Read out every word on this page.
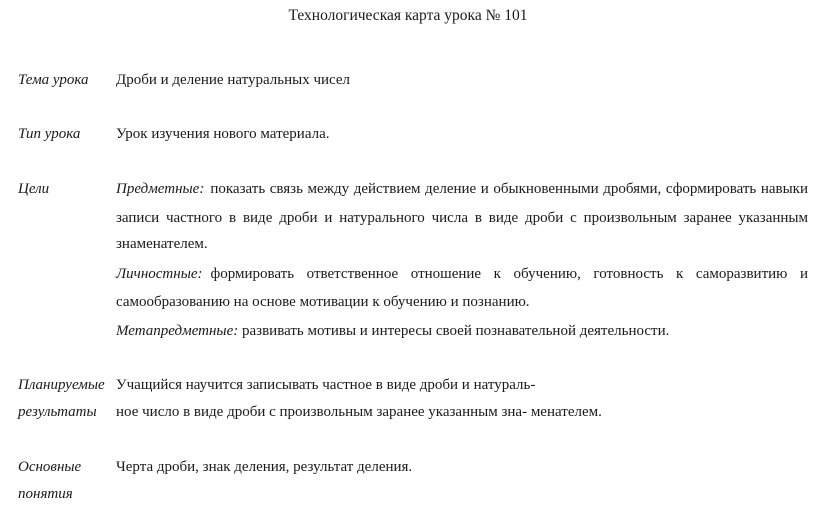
Технологическая карта урока № 101
Тема урока Дроби и деление натуральных чисел
Тип урока Урок изучения нового материала.
Цели	Предметные: показать связь между действием деление и обыкновенными дробями, сформировать навыки
записи частного в виде дроби и натурального числа в виде дроби с произвольным заранее указанным
знаменателем.
Личностные: формировать ответственное отношение к обучению, готовность к саморазвитию и
самообразованию на основе мотивации к обучению и познанию.
Метапредметные: развивать мотивы и интересы своей познавательной деятельности.
Планируемые
результаты
Учащийся научится записывать частное в виде дроби и натураль-
ное число в виде дроби с произвольным заранее указанным зна- менателем.
Основные
понятия
Черта дроби, знак деления, результат деления.
